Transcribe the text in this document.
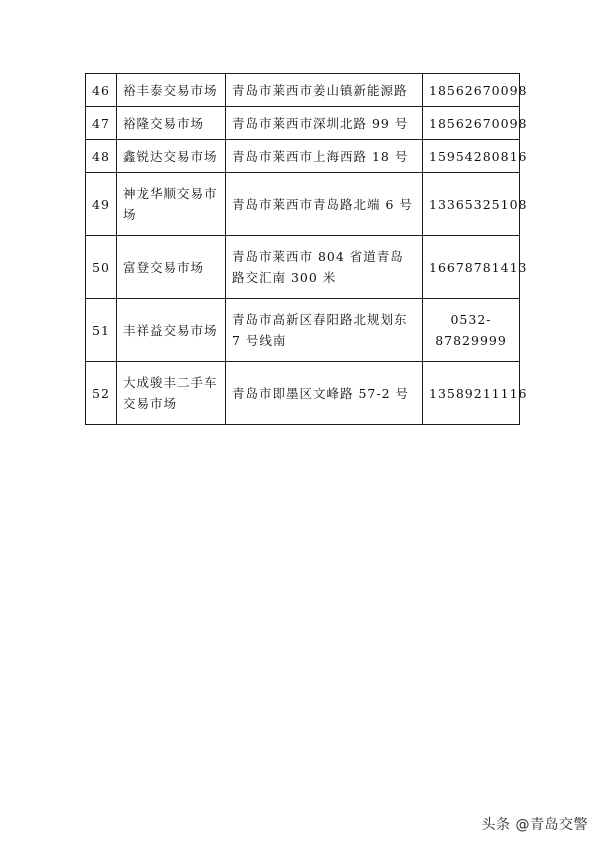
46	裕丰泰交易市场	青岛市莱西市姜山镇新能源路	18562670098
47	裕隆交易市场	青岛市莱西市深圳北路 99 号	18562670098
48	鑫锐达交易市场	青岛市莱西市上海西路 18 号	15954280816
49	神龙华顺交易市场	青岛市莱西市青岛路北端 6 号	13365325108
50	富登交易市场	青岛市莱西市 804 省道青岛路交汇南 300 米	16678781413
51	丰祥益交易市场	青岛市高新区春阳路北规划东 7 号线南	0532-87829999
52	大成骏丰二手车交易市场	青岛市即墨区文峰路 57-2 号	13589211116
头条 @青岛交警
